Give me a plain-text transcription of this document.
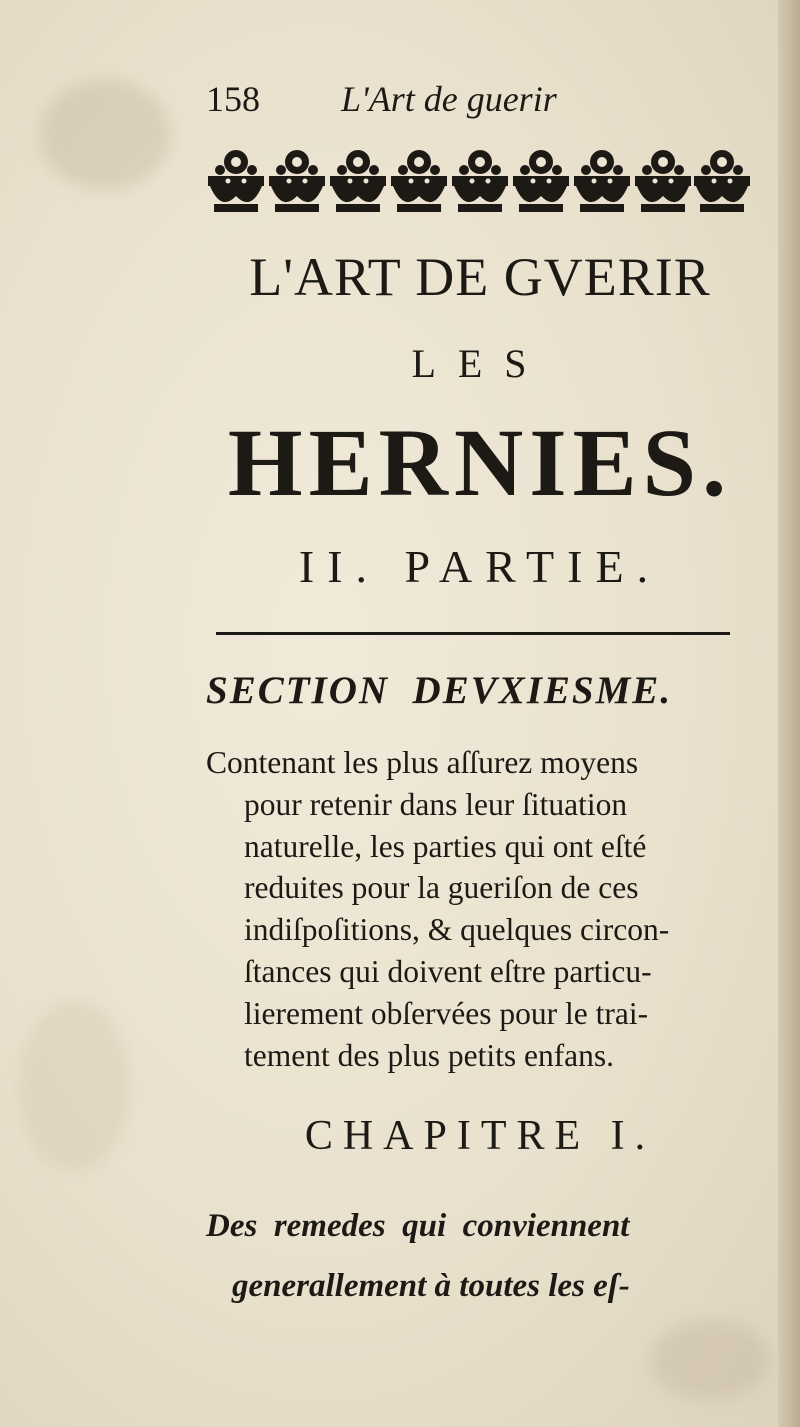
158 L'Art de guerir
L'ART DE GVERIR
LES
HERNIES.
II. PARTIE.
SECTION  DEVXIESME.
Contenant les plus aſſurez moyens
pour retenir dans leur ſituation
naturelle, les parties qui ont eſté
reduites pour la gueriſon de ces
indiſpoſitions, & quelques circon-
ſtances qui doivent eſtre particu-
lierement obſervées pour le trai-
tement des plus petits enfans.
CHAPITRE I.
Des  remedes  qui  conviennent
generallement à toutes les eſ-
